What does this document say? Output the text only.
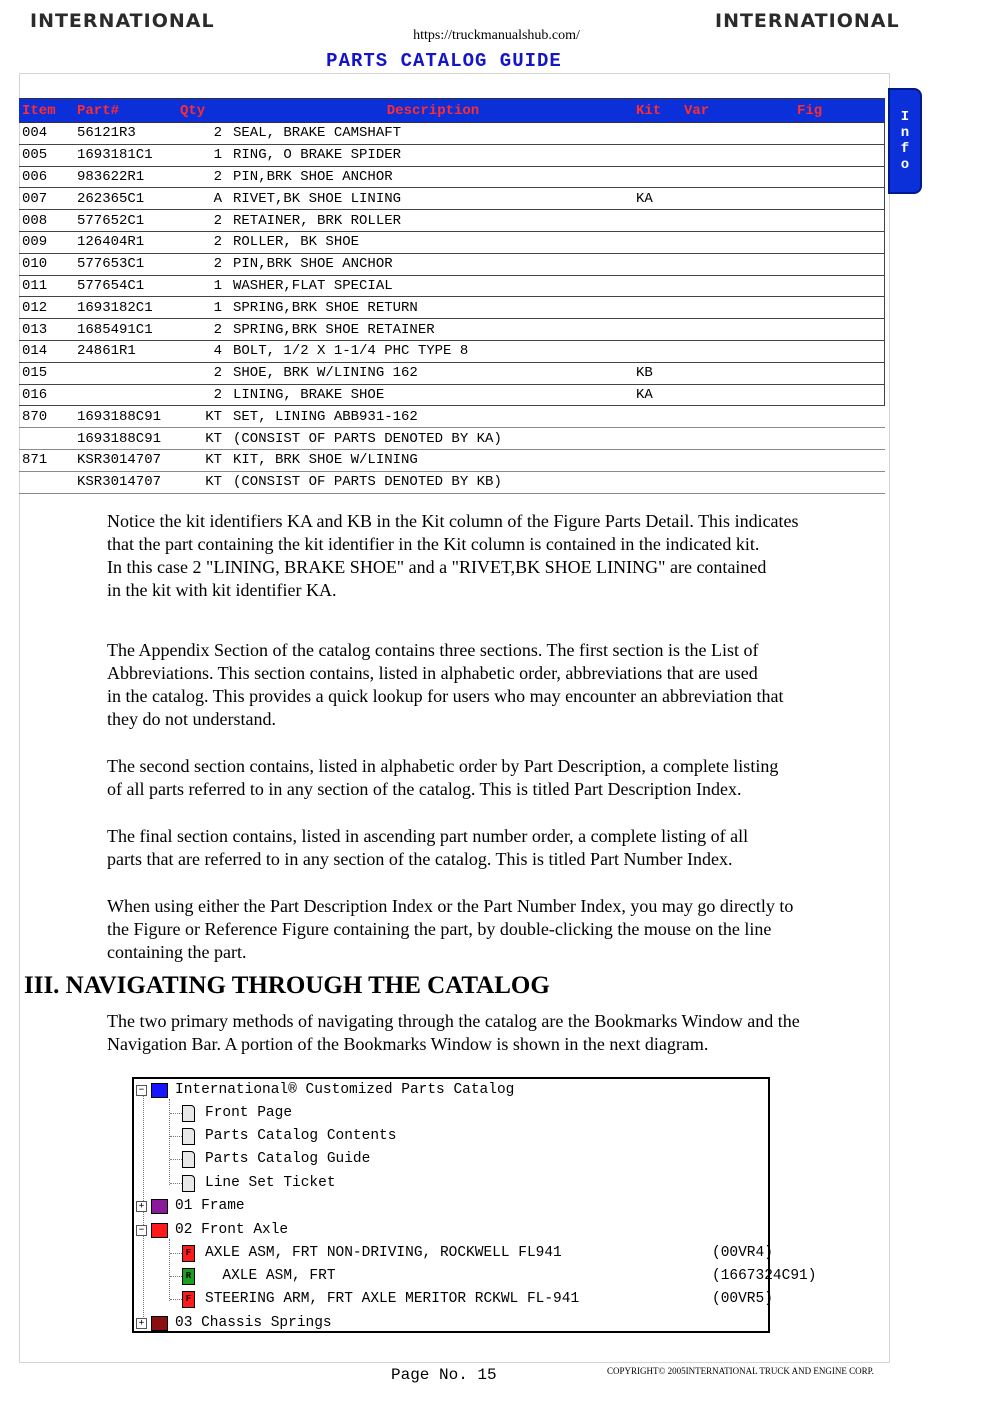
INTERNATIONAL	INTERNATIONAL
https://truckmanualshub.com/
PARTS CATALOG GUIDE
I
n
f
o
Item	Part#	Qty	Description	Kit	Var	Fig
004	56121R3	2	SEAL, BRAKE CAMSHAFT			
005	1693181C1	1	RING, O BRAKE SPIDER			
006	983622R1	2	PIN,BRK SHOE ANCHOR			
007	262365C1	A	RIVET,BK SHOE LINING	KA		
008	577652C1	2	RETAINER, BRK ROLLER			
009	126404R1	2	ROLLER, BK SHOE			
010	577653C1	2	PIN,BRK SHOE ANCHOR			
011	577654C1	1	WASHER,FLAT SPECIAL			
012	1693182C1	1	SPRING,BRK SHOE RETURN			
013	1685491C1	2	SPRING,BRK SHOE RETAINER			
014	24861R1	4	BOLT, 1/2 X 1-1/4 PHC TYPE 8			
015		2	SHOE, BRK W/LINING 162	KB		
016		2	LINING, BRAKE SHOE	KA		
870	1693188C91	KT	SET, LINING ABB931-162			
	1693188C91	KT	(CONSIST OF PARTS DENOTED BY KA)			
871	KSR3014707	KT	KIT, BRK SHOE W/LINING			
	KSR3014707	KT	(CONSIST OF PARTS DENOTED BY KB)			

Notice the kit identifiers KA and KB in the Kit column of the Figure Parts Detail. This indicates
that the part containing the kit identifier in the Kit column is contained in the indicated kit.
In this case 2 "LINING, BRAKE SHOE" and a "RIVET,BK SHOE LINING" are contained
in the kit with kit identifier KA.

The Appendix Section of the catalog contains three sections. The first section is the List of
Abbreviations. This section contains, listed in alphabetic order, abbreviations that are used
in the catalog. This provides a quick lookup for users who may encounter an abbreviation that
they do not understand.

The second section contains, listed in alphabetic order by Part Description, a complete listing
of all parts referred to in any section of the catalog. This is titled Part Description Index.

The final section contains, listed in ascending part number order, a complete listing of all
parts that are referred to in any section of the catalog. This is titled Part Number Index.

When using either the Part Description Index or the Part Number Index, you may go directly to
the Figure or Reference Figure containing the part, by double-clicking the mouse on the line
containing the part.

III. NAVIGATING THROUGH THE CATALOG

The two primary methods of navigating through the catalog are the Bookmarks Window and the
Navigation Bar. A portion of the Bookmarks Window is shown in the next diagram.

− International® Customized Parts Catalog
Front Page
Parts Catalog Contents
Parts Catalog Guide
Line Set Ticket
+ 01 Frame
− 02 Front Axle
F AXLE ASM, FRT NON-DRIVING, ROCKWELL FL941	(00VR4)
R AXLE ASM, FRT	(1667324C91)
F STEERING ARM, FRT AXLE MERITOR RCKWL FL-941	(00VR5)
+ 03 Chassis Springs
Page No. 15	COPYRIGHT© 2005INTERNATIONAL TRUCK AND ENGINE CORP.
